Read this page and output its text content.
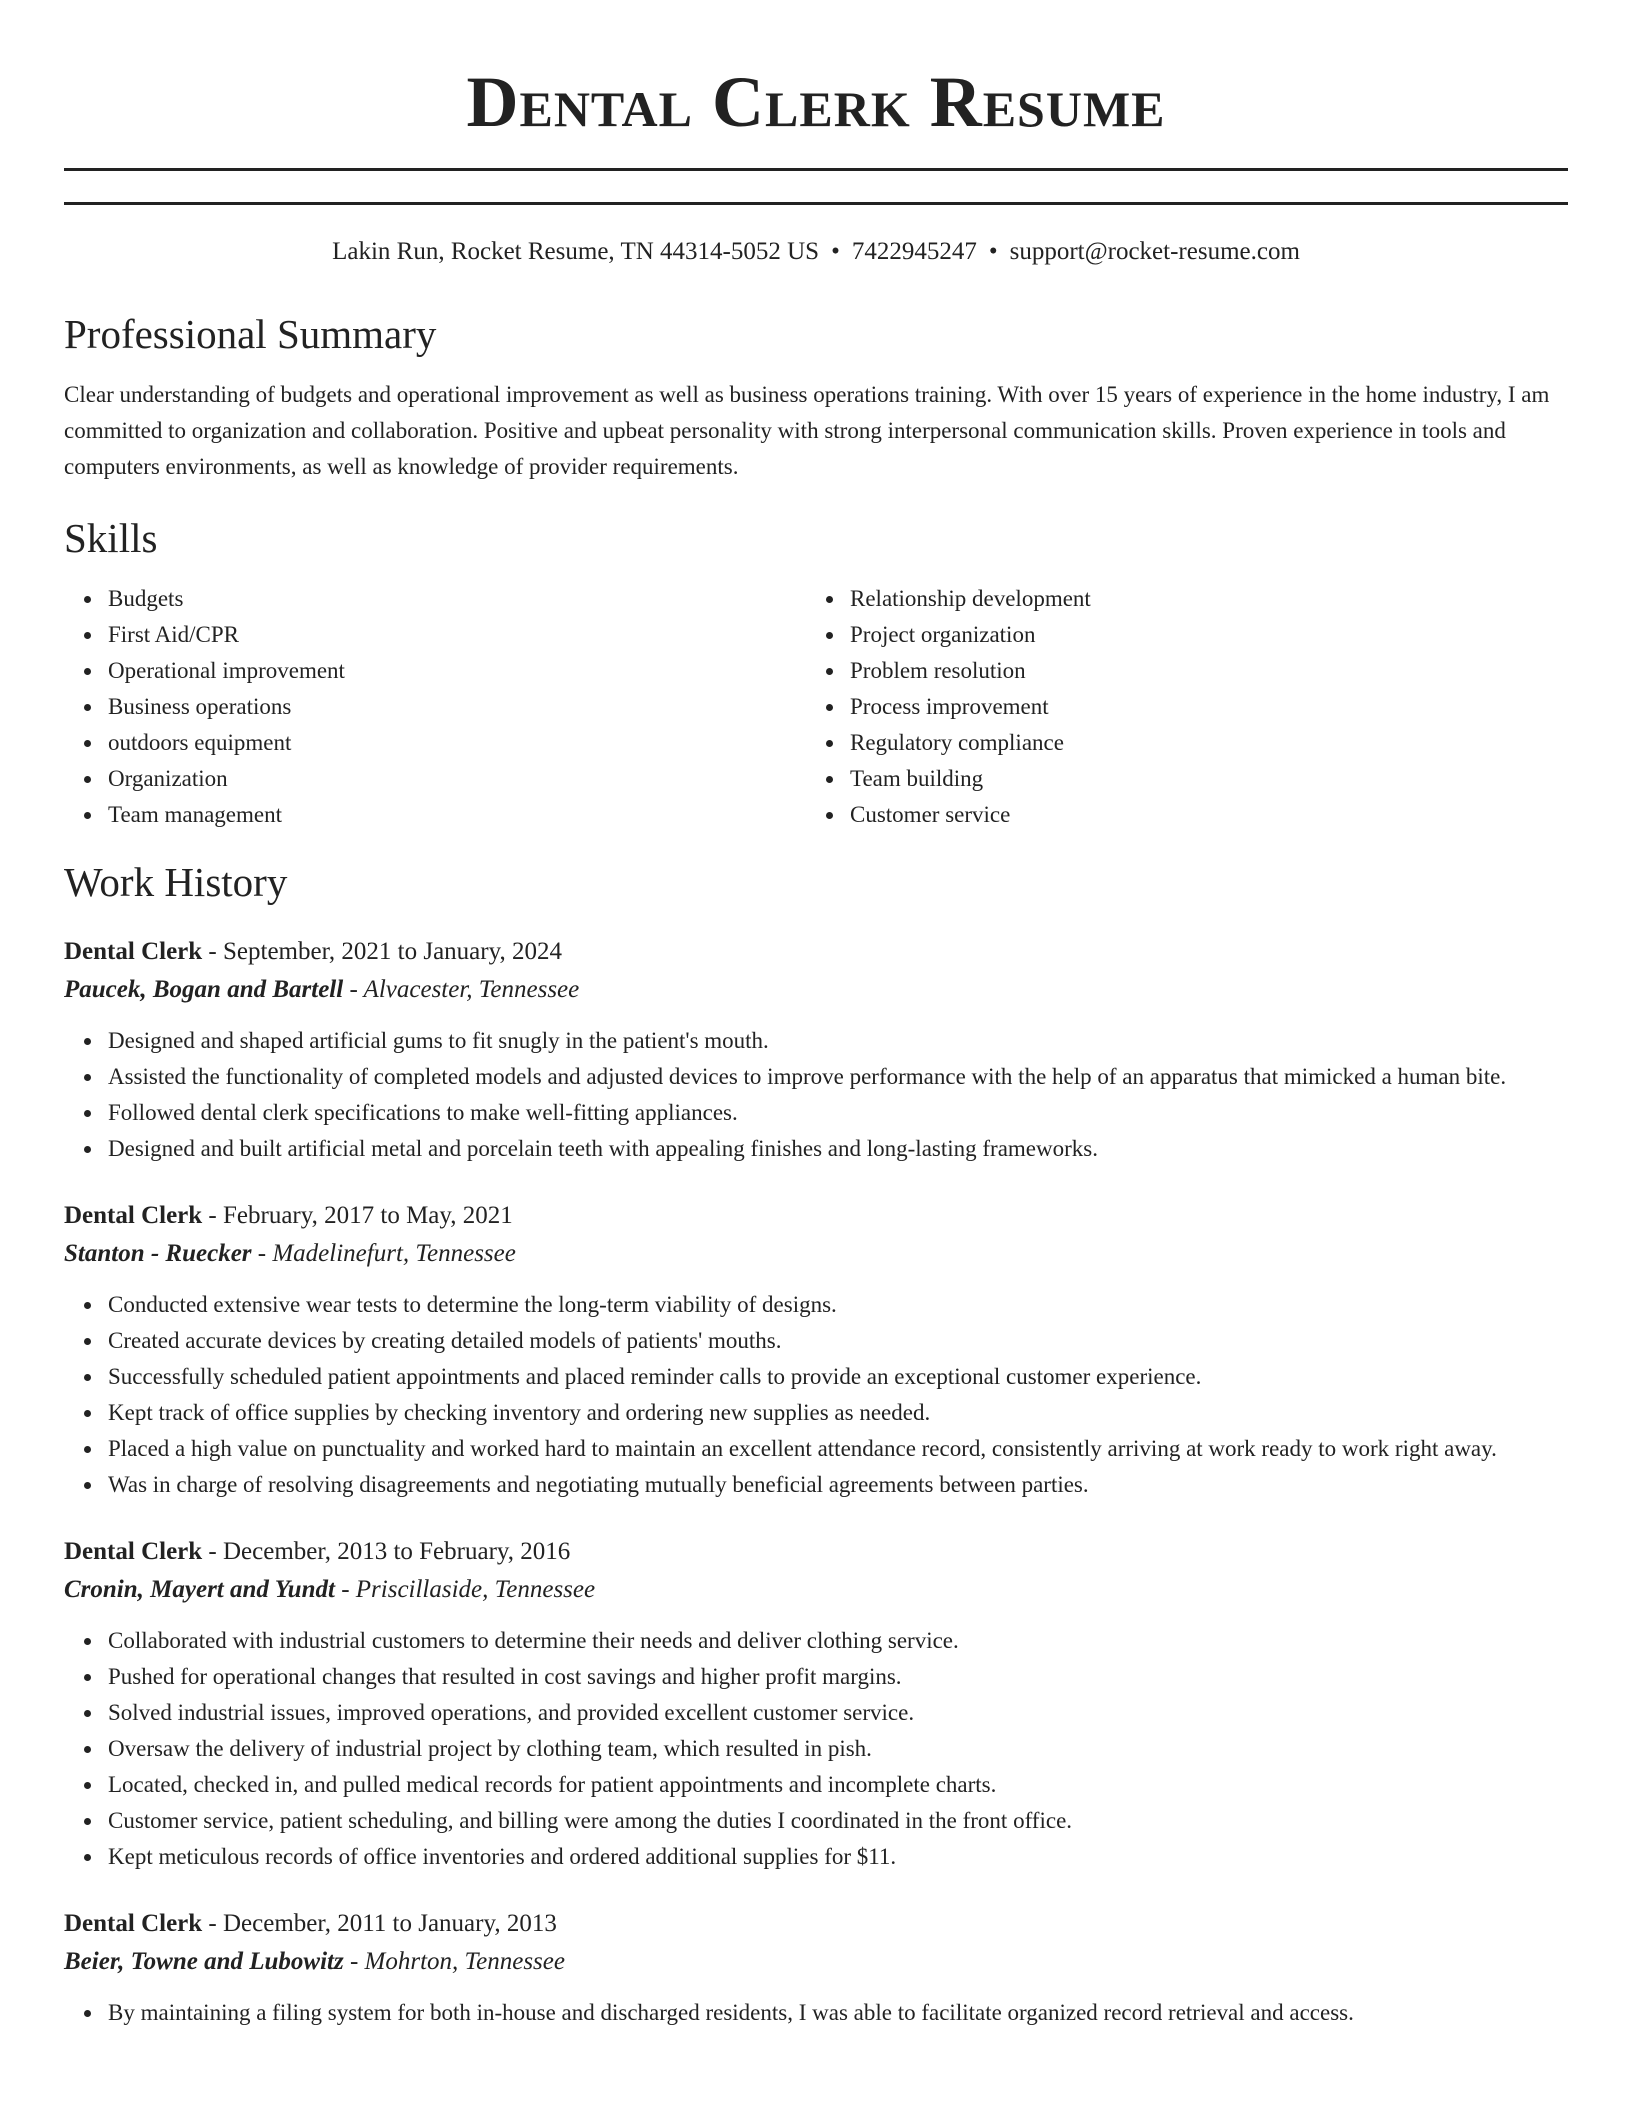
Dental Clerk Resume
Lakin Run, Rocket Resume, TN 44314-5052 US • 7422945247 • support@rocket-resume.com
Professional Summary

Clear understanding of budgets and operational improvement as well as business operations training. With over 15 years of experience in the home industry, I am committed to organization and collaboration. Positive and upbeat personality with strong interpersonal communication skills. Proven experience in tools and computers environments, as well as knowledge of provider requirements.

Skills
Budgets
First Aid/CPR
Operational improvement
Business operations
outdoors equipment
Organization
Team management
Relationship development
Project organization
Problem resolution
Process improvement
Regulatory compliance
Team building
Customer service
Work History
Dental Clerk - September, 2021 to January, 2024
Paucek, Bogan and Bartell - Alvacester, Tennessee
Designed and shaped artificial gums to fit snugly in the patient's mouth.
Assisted the functionality of completed models and adjusted devices to improve performance with the help of an apparatus that mimicked a human bite.
Followed dental clerk specifications to make well-fitting appliances.
Designed and built artificial metal and porcelain teeth with appealing finishes and long-lasting frameworks.
Dental Clerk - February, 2017 to May, 2021
Stanton - Ruecker - Madelinefurt, Tennessee
Conducted extensive wear tests to determine the long-term viability of designs.
Created accurate devices by creating detailed models of patients' mouths.
Successfully scheduled patient appointments and placed reminder calls to provide an exceptional customer experience.
Kept track of office supplies by checking inventory and ordering new supplies as needed.
Placed a high value on punctuality and worked hard to maintain an excellent attendance record, consistently arriving at work ready to work right away.
Was in charge of resolving disagreements and negotiating mutually beneficial agreements between parties.
Dental Clerk - December, 2013 to February, 2016
Cronin, Mayert and Yundt - Priscillaside, Tennessee
Collaborated with industrial customers to determine their needs and deliver clothing service.
Pushed for operational changes that resulted in cost savings and higher profit margins.
Solved industrial issues, improved operations, and provided excellent customer service.
Oversaw the delivery of industrial project by clothing team, which resulted in pish.
Located, checked in, and pulled medical records for patient appointments and incomplete charts.
Customer service, patient scheduling, and billing were among the duties I coordinated in the front office.
Kept meticulous records of office inventories and ordered additional supplies for $11.
Dental Clerk - December, 2011 to January, 2013
Beier, Towne and Lubowitz - Mohrton, Tennessee
By maintaining a filing system for both in-house and discharged residents, I was able to facilitate organized record retrieval and access.
